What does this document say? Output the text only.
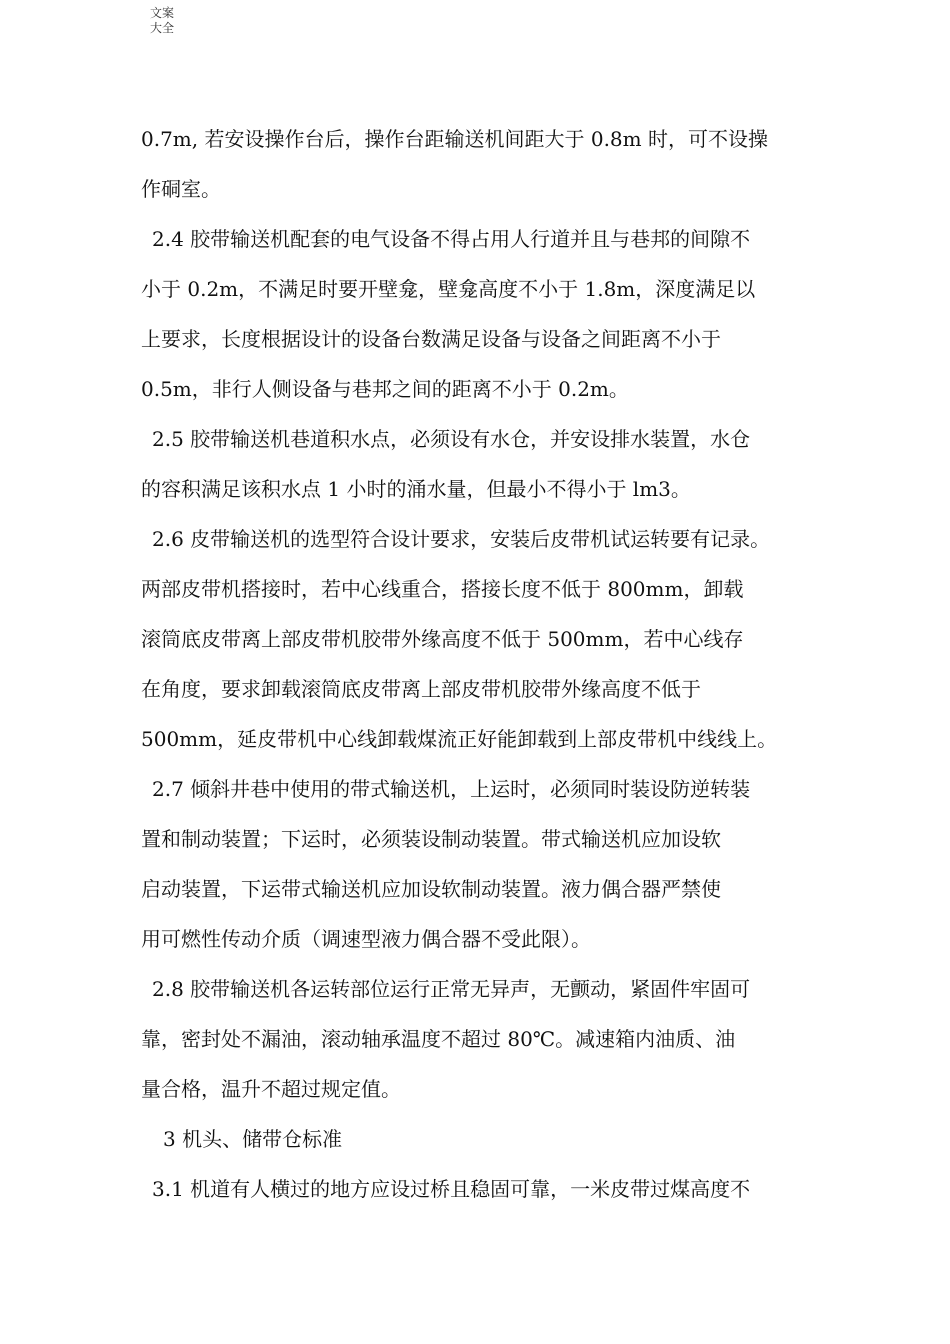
文案大全
0.7m, 若安设操作台后，操作台距输送机间距大于 0.8m 时，可不设操
作硐室。
2.4 胶带输送机配套的电气设备不得占用人行道并且与巷邦的间隙不
小于 0.2m，不满足时要开壁龛，壁龛高度不小于 1.8m，深度满足以
上要求，长度根据设计的设备台数满足设备与设备之间距离不小于
0.5m，非行人侧设备与巷邦之间的距离不小于 0.2m。
2.5 胶带输送机巷道积水点，必须设有水仓，并安设排水装置，水仓
的容积满足该积水点 1 小时的涌水量，但最小不得小于 lm3。
2.6 皮带输送机的选型符合设计要求，安装后皮带机试运转要有记录。
两部皮带机搭接时，若中心线重合，搭接长度不低于 800mm，卸载
滚筒底皮带离上部皮带机胶带外缘高度不低于 500mm，若中心线存
在角度，要求卸载滚筒底皮带离上部皮带机胶带外缘高度不低于
500mm，延皮带机中心线卸载煤流正好能卸载到上部皮带机中线线上。
2.7 倾斜井巷中使用的带式输送机，上运时，必须同时装设防逆转装
置和制动装置；下运时，必须装设制动装置。带式输送机应加设软
启动装置，下运带式输送机应加设软制动装置。液力偶合器严禁使
用可燃性传动介质（调速型液力偶合器不受此限）。
2.8 胶带输送机各运转部位运行正常无异声，无颤动，紧固件牢固可
靠，密封处不漏油，滚动轴承温度不超过 80℃。减速箱内油质、油
量合格，温升不超过规定值。
3 机头、储带仓标准
3.1 机道有人横过的地方应设过桥且稳固可靠，一米皮带过煤高度不
